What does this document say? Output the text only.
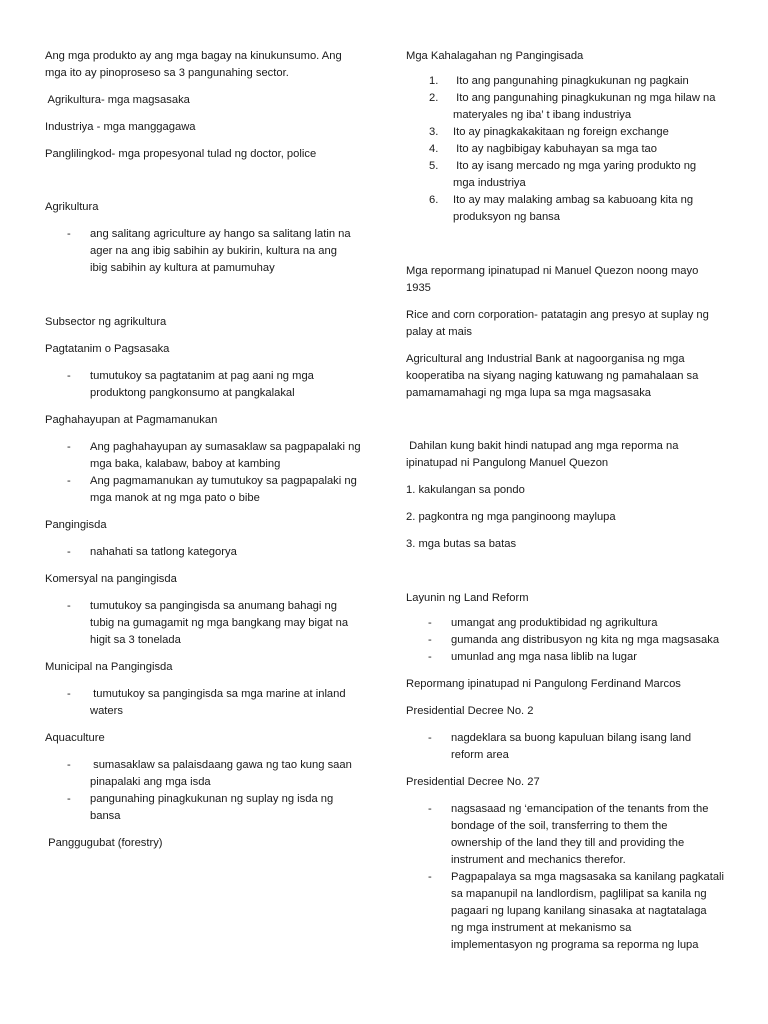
Ang mga produkto ay ang mga bagay na kinukunsumo. Ang
mga ito ay pinoproseso sa 3 pangunahing sector.
Agrikultura- mga magsasaka
Industriya - mga manggagawa
Panglilingkod- mga propesyonal tulad ng doctor, police
Agrikultura
- ang salitang agriculture ay hango sa salitang latin na
ager na ang ibig sabihin ay bukirin, kultura na ang
ibig sabihin ay kultura at pamumuhay
Subsector ng agrikultura
Pagtatanim o Pagsasaka
- tumutukoy sa pagtatanim at pag aani ng mga
produktong pangkonsumo at pangkalakal
Paghahayupan at Pagmamanukan
- Ang paghahayupan ay sumasaklaw sa pagpapalaki ng
mga baka, kalabaw, baboy at kambing
- Ang pagmamanukan ay tumutukoy sa pagpapalaki ng
mga manok at ng mga pato o bibe
Pangingisda
- nahahati sa tatlong kategorya
Komersyal na pangingisda
- tumutukoy sa pangingisda sa anumang bahagi ng
tubig na gumagamit ng mga bangkang may bigat na
higit sa 3 tonelada
Municipal na Pangingisda
- tumutukoy sa pangingisda sa mga marine at inland
waters
Aquaculture
- sumasaklaw sa palaisdaang gawa ng tao kung saan
pinapalaki ang mga isda
- pangunahing pinagkukunan ng suplay ng isda ng
bansa
Panggugubat (forestry)
Mga Kahalagahan ng Pangingisada
1. Ito ang pangunahing pinagkukunan ng pagkain
2. Ito ang pangunahing pinagkukunan ng mga hilaw na
materyales ng iba’ t ibang industriya
3. Ito ay pinagkakakitaan ng foreign exchange
4. Ito ay nagbibigay kabuhayan sa mga tao
5. Ito ay isang mercado ng mga yaring produkto ng
mga industriya
6. Ito ay may malaking ambag sa kabuoang kita ng
produksyon ng bansa
Mga repormang ipinatupad ni Manuel Quezon noong mayo
1935
Rice and corn corporation- patatagin ang presyo at suplay ng
palay at mais
Agricultural ang Industrial Bank at nagoorganisa ng mga
kooperatiba na siyang naging katuwang ng pamahalaan sa
pamamamahagi ng mga lupa sa mga magsasaka
Dahilan kung bakit hindi natupad ang mga reporma na
ipinatupad ni Pangulong Manuel Quezon
1. kakulangan sa pondo
2. pagkontra ng mga panginoong maylupa
3. mga butas sa batas
Layunin ng Land Reform
- umangat ang produktibidad ng agrikultura
- gumanda ang distribusyon ng kita ng mga magsasaka
- umunlad ang mga nasa liblib na lugar
Repormang ipinatupad ni Pangulong Ferdinand Marcos
Presidential Decree No. 2
- nagdeklara sa buong kapuluan bilang isang land
reform area
Presidential Decree No. 27
- nagsasaad ng ‘emancipation of the tenants from the
bondage of the soil, transferring to them the
ownership of the land they till and providing the
instrument and mechanics therefor.
- Pagpapalaya sa mga magsasaka sa kanilang pagkatali
sa mapanupil na landlordism, paglilipat sa kanila ng
pagaari ng lupang kanilang sinasaka at nagtatalaga
ng mga instrument at mekanismo sa
implementasyon ng programa sa reporma ng lupa
